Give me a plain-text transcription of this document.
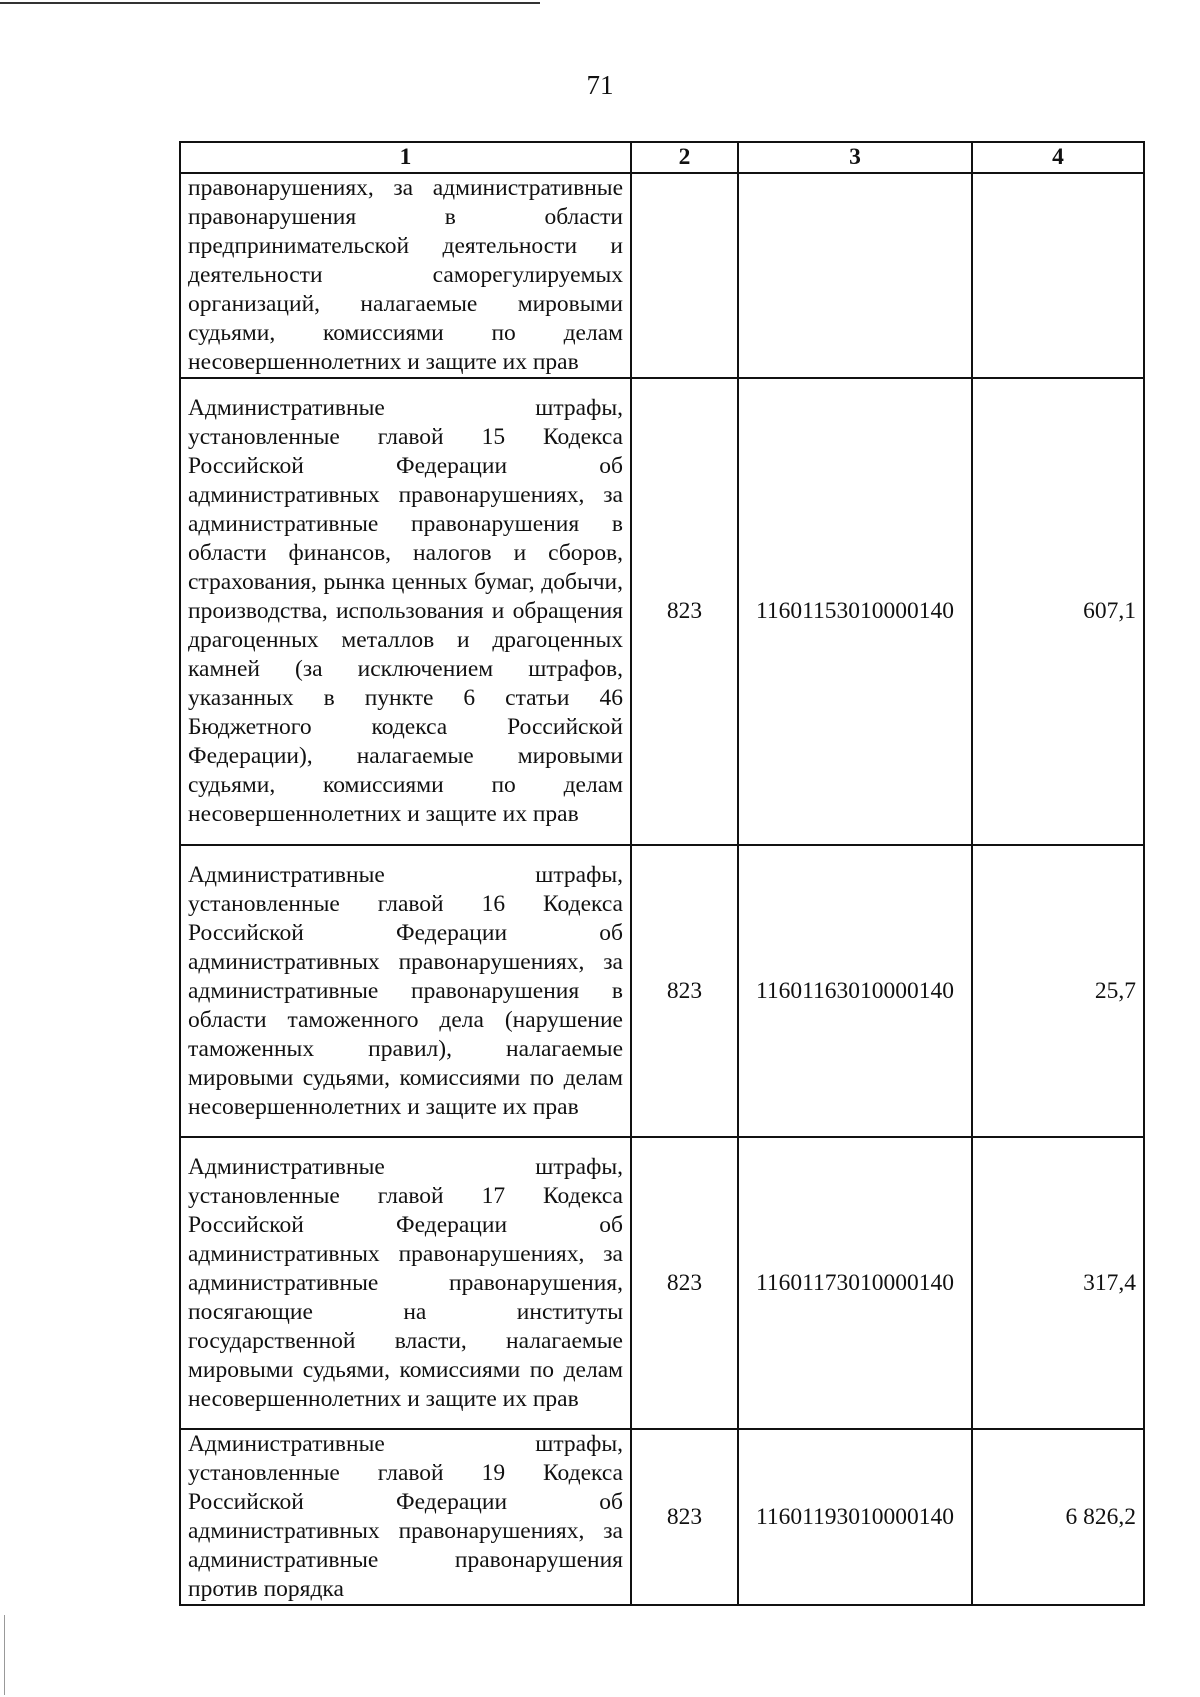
71
1	2	3	4
правонарушениях, за административные правонарушения в области предпринимательской деятельности и деятельности саморегулируемых организаций, налагаемые мировыми судьями, комиссиями по делам несовершеннолетних и защите их прав			
Административные штрафы, установленные главой 15 Кодекса Российской Федерации об административных правонарушениях, за административные правонарушения в области финансов, налогов и сборов, страхования, рынка ценных бумаг, добычи, производства, использования и обращения драгоценных металлов и драгоценных камней (за исключением штрафов, указанных в пункте 6 статьи 46 Бюджетного кодекса Российской Федерации), налагаемые мировыми судьями, комиссиями по делам несовершеннолетних и защите их прав	823	11601153010000140	607,1
Административные штрафы, установленные главой 16 Кодекса Российской Федерации об административных правонарушениях, за административные правонарушения в области таможенного дела (нарушение таможенных правил), налагаемые мировыми судьями, комиссиями по делам несовершеннолетних и защите их прав	823	11601163010000140	25,7
Административные штрафы, установленные главой 17 Кодекса Российской Федерации об административных правонарушениях, за административные правонарушения, посягающие на институты государственной власти, налагаемые мировыми судьями, комиссиями по делам несовершеннолетних и защите их прав	823	11601173010000140	317,4
Административные штрафы, установленные главой 19 Кодекса Российской Федерации об административных правонарушениях, за административные правонарушения против порядка	823	11601193010000140	6 826,2
